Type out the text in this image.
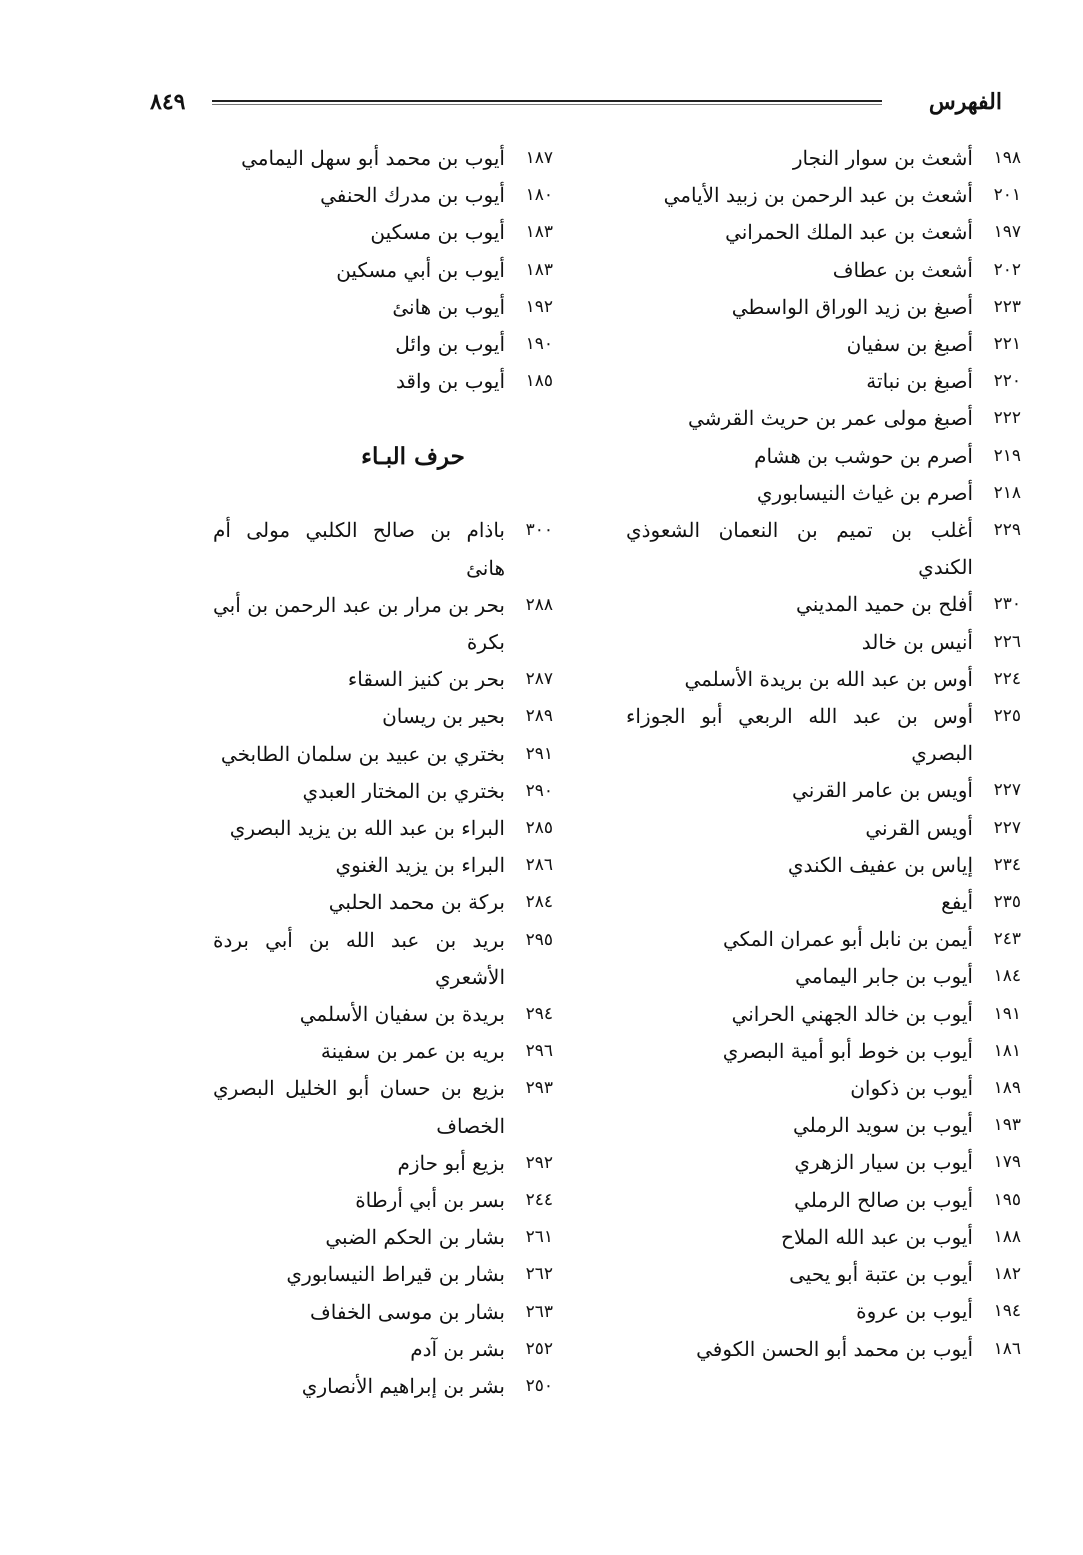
الفهرس
٨٤٩
١٩٨
أشعث بن سوار النجار
٢٠١
أشعث بن عبد الرحمن بن زبيد الأيامي
١٩٧
أشعث بن عبد الملك الحمراني
٢٠٢
أشعث بن عطاف
٢٢٣
أصبغ بن زيد الوراق الواسطي
٢٢١
أصبغ بن سفيان
٢٢٠
أصبغ بن نباتة
٢٢٢
أصبغ مولى عمر بن حريث القرشي
٢١٩
أصرم بن حوشب بن هشام
٢١٨
أصرم بن غياث النيسابوري
٢٢٩
أغلب بن تميم بن النعمان الشعوذي الكندي
٢٣٠
أفلح بن حميد المديني
٢٢٦
أنيس بن خالد
٢٢٤
أوس بن عبد الله بن بريدة الأسلمي
٢٢٥
أوس بن عبد الله الربعي أبو الجوزاء البصري
٢٢٧
أويس بن عامر القرني
٢٢٧
أويس القرني
٢٣٤
إياس بن عفيف الكندي
٢٣٥
أيفع
٢٤٣
أيمن بن نابل أبو عمران المكي
١٨٤
أيوب بن جابر اليمامي
١٩١
أيوب بن خالد الجهني الحراني
١٨١
أيوب بن خوط أبو أمية البصري
١٨٩
أيوب بن ذكوان
١٩٣
أيوب بن سويد الرملي
١٧٩
أيوب بن سيار الزهري
١٩٥
أيوب بن صالح الرملي
١٨٨
أيوب بن عبد الله الملاح
١٨٢
أيوب بن عتبة أبو يحيى
١٩٤
أيوب بن عروة
١٨٦
أيوب بن محمد أبو الحسن الكوفي
١٨٧
أيوب بن محمد أبو سهل اليمامي
١٨٠
أيوب بن مدرك الحنفي
١٨٣
أيوب بن مسكين
١٨٣
أيوب بن أبي مسكين
١٩٢
أيوب بن هانئ
١٩٠
أيوب بن وائل
١٨٥
أيوب بن واقد
حرف البـاء
٣٠٠
باذام بن صالح الكلبي مولى أم هانئ
٢٨٨
بحر بن مرار بن عبد الرحمن بن أبي بكرة
٢٨٧
بحر بن كنيز السقاء
٢٨٩
بحير بن ريسان
٢٩١
بختري بن عبيد بن سلمان الطابخي
٢٩٠
بختري بن المختار العبدي
٢٨٥
البراء بن عبد الله بن يزيد البصري
٢٨٦
البراء بن يزيد الغنوي
٢٨٤
بركة بن محمد الحلبي
٢٩٥
بريد بن عبد الله بن أبي بردة الأشعري
٢٩٤
بريدة بن سفيان الأسلمي
٢٩٦
بريه بن عمر بن سفينة
٢٩٣
بزيع بن حسان أبو الخليل البصري الخصاف
٢٩٢
بزيع أبو حازم
٢٤٤
بسر بن أبي أرطاة
٢٦١
بشار بن الحكم الضبي
٢٦٢
بشار بن قيراط النيسابوري
٢٦٣
بشار بن موسى الخفاف
٢٥٢
بشر بن آدم
٢٥٠
بشر بن إبراهيم الأنصاري
